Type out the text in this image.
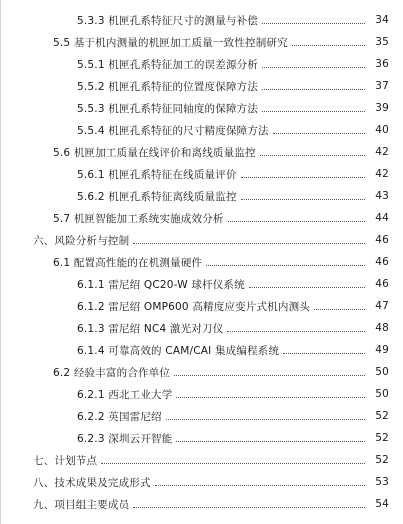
5.3.3 机匣孔系特征尺寸的测量与补偿	34
5.5 基于机内测量的机匣加工质量一致性控制研究	35
5.5.1 机匣孔系特征加工的误差源分析	36
5.5.2 机匣孔系特征的位置度保障方法	37
5.5.3 机匣孔系特征同轴度的保障方法	39
5.5.4 机匣孔系特征的尺寸精度保障方法	40
5.6 机匣加工质量在线评价和离线质量监控	42
5.6.1 机匣孔系特征在线质量评价	42
5.6.2 机匣孔系特征离线质量监控	43
5.7 机匣智能加工系统实施成效分析	44
六、风险分析与控制	46
6.1 配置高性能的在机测量硬件	46
6.1.1 雷尼绍 QC20-W 球杆仪系统	46
6.1.2 雷尼绍 OMP600 高精度应变片式机内测头	47
6.1.3 雷尼绍 NC4 激光对刀仪	48
6.1.4 可靠高效的 CAM/CAI 集成编程系统	49
6.2 经验丰富的合作单位	50
6.2.1 西北工业大学	50
6.2.2 英国雷尼绍	52
6.2.3 深圳云开智能	52
七、计划节点	52
八、技术成果及完成形式	53
九、项目组主要成员	54
